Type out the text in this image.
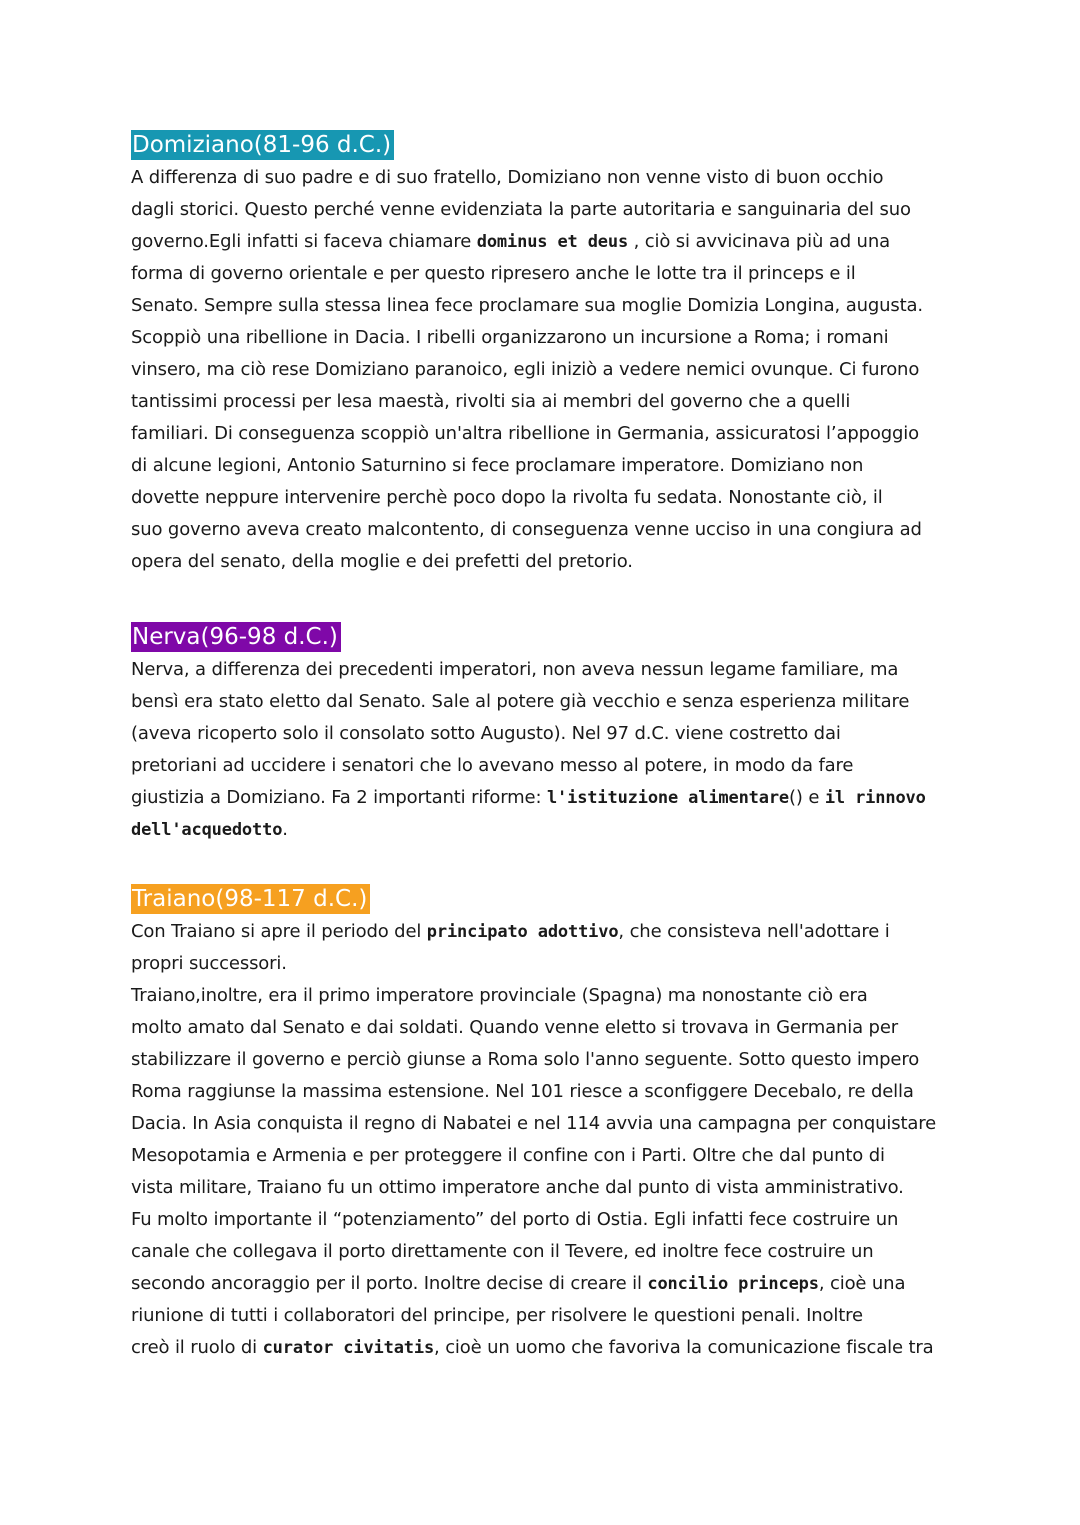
Domiziano(81-96 d.C.)
A differenza di suo padre e di suo fratello, Domiziano non venne visto di buon occhio
dagli storici. Questo perché venne evidenziata la parte autoritaria e sanguinaria del suo
governo.Egli infatti si faceva chiamare dominus et deus , ciò si avvicinava più ad una
forma di governo orientale e per questo ripresero anche le lotte tra il princeps e il
Senato. Sempre sulla stessa linea fece proclamare sua moglie Domizia Longina, augusta.
Scoppiò una ribellione in Dacia. I ribelli organizzarono un incursione a Roma; i romani
vinsero, ma ciò rese Domiziano paranoico, egli iniziò a vedere nemici ovunque. Ci furono
tantissimi processi per lesa maestà, rivolti sia ai membri del governo che a quelli
familiari. Di conseguenza scoppiò un'altra ribellione in Germania, assicuratosi l’appoggio
di alcune legioni, Antonio Saturnino si fece proclamare imperatore. Domiziano non
dovette neppure intervenire perchè poco dopo la rivolta fu sedata. Nonostante ciò, il
suo governo aveva creato malcontento, di conseguenza venne ucciso in una congiura ad
opera del senato, della moglie e dei prefetti del pretorio.
Nerva(96-98 d.C.)
Nerva, a differenza dei precedenti imperatori, non aveva nessun legame familiare, ma
bensì era stato eletto dal Senato. Sale al potere già vecchio e senza esperienza militare
(aveva ricoperto solo il consolato sotto Augusto). Nel 97 d.C. viene costretto dai
pretoriani ad uccidere i senatori che lo avevano messo al potere, in modo da fare
giustizia a Domiziano. Fa 2 importanti riforme: l'istituzione alimentare() e il rinnovo
dell'acquedotto.
Traiano(98-117 d.C.)
Con Traiano si apre il periodo del principato adottivo, che consisteva nell'adottare i
propri successori.
Traiano,inoltre, era il primo imperatore provinciale (Spagna) ma nonostante ciò era
molto amato dal Senato e dai soldati. Quando venne eletto si trovava in Germania per
stabilizzare il governo e perciò giunse a Roma solo l'anno seguente. Sotto questo impero
Roma raggiunse la massima estensione. Nel 101 riesce a sconfiggere Decebalo, re della
Dacia. In Asia conquista il regno di Nabatei e nel 114 avvia una campagna per conquistare
Mesopotamia e Armenia e per proteggere il confine con i Parti. Oltre che dal punto di
vista militare, Traiano fu un ottimo imperatore anche dal punto di vista amministrativo.
Fu molto importante il “potenziamento” del porto di Ostia. Egli infatti fece costruire un
canale che collegava il porto direttamente con il Tevere, ed inoltre fece costruire un
secondo ancoraggio per il porto. Inoltre decise di creare il concilio princeps, cioè una
riunione di tutti i collaboratori del principe, per risolvere le questioni penali. Inoltre
creò il ruolo di curator civitatis, cioè un uomo che favoriva la comunicazione fiscale tra
